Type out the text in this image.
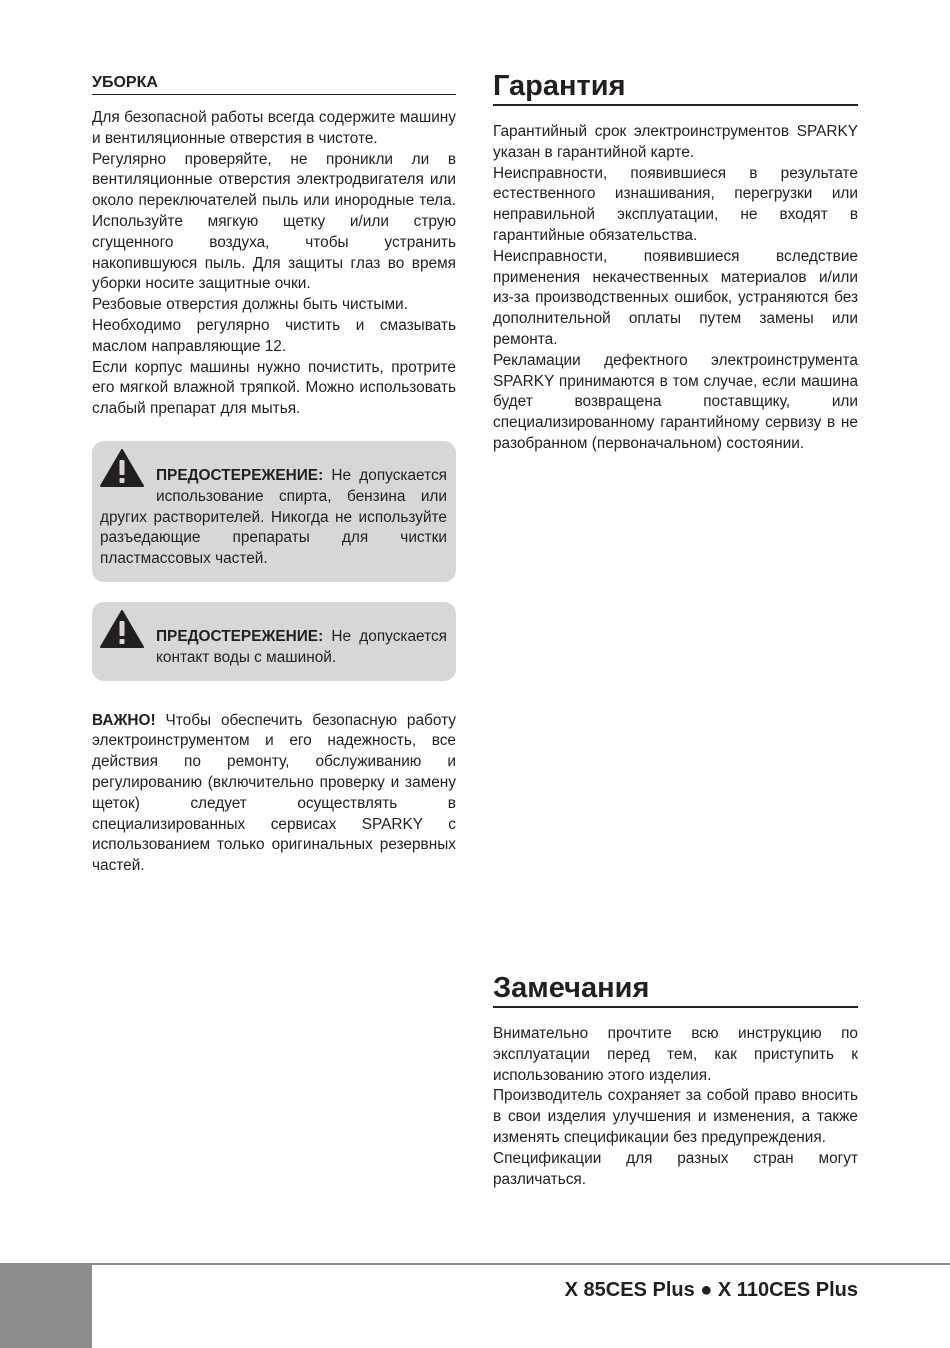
УБОРКА

Для безопасной работы всегда содержите машину и вентиляционные отверстия в чистоте.

Регулярно проверяйте, не проникли ли в вентиляционные отверстия электродвигателя или около переключателей пыль или инородные тела. Используйте мягкую щетку и/или струю сгущенного воздуха, чтобы устранить накопившуюся пыль. Для защиты глаз во время уборки носите защитные очки.

Резбовые отверстия должны быть чистыми.

Необходимо регулярно чистить и смазывать маслом направляющие 12.

Если корпус машины нужно почистить, протрите его мягкой влажной тряпкой. Можно использовать слабый препарат для мытья.

ПРЕДОСТЕРЕЖЕНИЕ: Не допускается использование спирта, бензина или других растворителей. Никогда не используйте разъедающие препараты для чистки пластмассовых частей.
ПРЕДОСТЕРЕЖЕНИЕ: Не допускается контакт воды с машиной.

ВАЖНО! Чтобы обеспечить безопасную работу электроинструментом и его надежность, все действия по ремонту, обслуживанию и регулированию (включительно проверку и замену щеток) следует осуществлять в специализированных сервисах SPARKY с использованием только оригинальных резервных частей.

Гарантия

Гарантийный срок электроинструментов SPARKY указан в гарантийной карте.

Неисправности, появившиеся в результате естественного изнашивания, перегрузки или неправильной эксплуатации, не входят в гарантийные обязательства.

Неисправности, появившиеся вследствие применения некачественных материалов и/или из-за производственных ошибок, устраняются без дополнительной оплаты путем замены или ремонта.

Рекламации дефектного электроинструмента SPARKY принимаются в том случае, если машина будет возвращена поставщику, или специализированному гарантийному сервизу в не разобранном (первоначальном) состоянии.

Замечания

Внимательно прочтите всю инструкцию по эксплуатации перед тем, как приступить к использованию этого изделия.

Производитель сохраняет за собой право вносить в свои изделия улучшения и изменения, а также изменять спецификации без предупреждения.

Спецификации для разных стран могут различаться.

X 85CES Plus ● X 110CES Plus
